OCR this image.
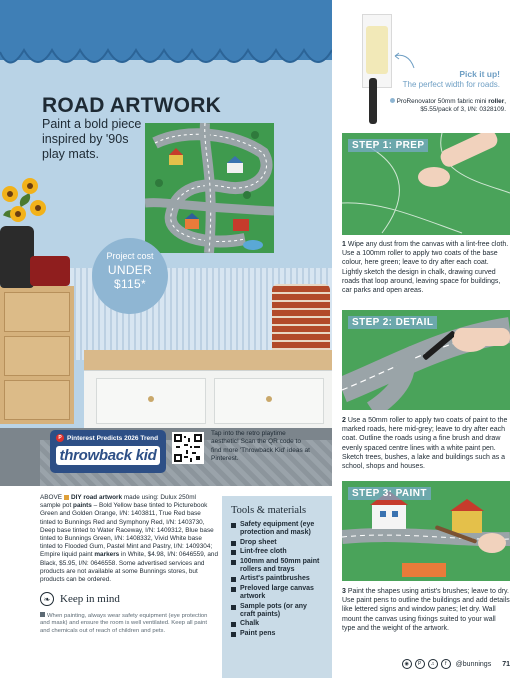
ROAD ARTWORK
Paint a bold piece inspired by '90s play mats.
Project cost
UNDER $115*
P Pinterest Predicts 2026 Trend
throwback kid
Tap into the retro playtime aesthetic! Scan the QR code to find more 'Throwback Kid' ideas at Pinterest.
Pick it up!
The perfect width for roads.
ProRenovator 50mm fabric mini roller, $5.55/pack of 3, I/N: 0328109.
STEP 1: PREP
1 Wipe any dust from the canvas with a lint-free cloth. Use a 100mm roller to apply two coats of the base colour, here green; leave to dry after each coat. Lightly sketch the design in chalk, drawing curved roads that loop around, leaving space for buildings, car parks and open areas.
STEP 2: DETAIL
2 Use a 50mm roller to apply two coats of paint to the marked roads, here mid-grey; leave to dry after each coat. Outline the roads using a fine brush and draw evenly spaced centre lines with a white paint pen. Sketch trees, bushes, a lake and buildings such as a school, shops and houses.
STEP 3: PAINT
3 Paint the shapes using artist's brushes; leave to dry. Use paint pens to outline the buildings and add details like lettered signs and window panes; let dry. Wall mount the canvas using fixings suited to your wall type and the weight of the artwork.
ABOVE DIY road artwork made using: Dulux 250ml sample pot paints – Bold Yellow base tinted to Picturebook Green and Golden Orange, I/N: 1403811, True Red base tinted to Bunnings Red and Symphony Red, I/N: 1403730, Deep base tinted to Water Raceway, I/N: 1409312, Blue base tinted to Bunnings Green, I/N: 1408332, Vivid White base tinted to Flooded Gum, Pastel Mint and Pastry, I/N: 1409304; Empire liquid paint markers in White, $4.98, I/N: 0646559, and Black, $5.95, I/N: 0646558. Some advertised services and products are not available at some Bunnings stores, but products can be ordered.
❧ Keep in mind
When painting, always wear safety equipment (eye protection and mask) and ensure the room is well ventilated. Keep all paint and chemicals out of reach of children and pets.
Tools & materials
Safety equipment (eye protection and mask)
Drop sheet
Lint-free cloth
100mm and 50mm paint rollers and trays
Artist's paintbrushes
Preloved large canvas artwork
Sample pots (or any craft paints)
Chalk
Paint pens
◉	P	♫	f	@bunnings 71
